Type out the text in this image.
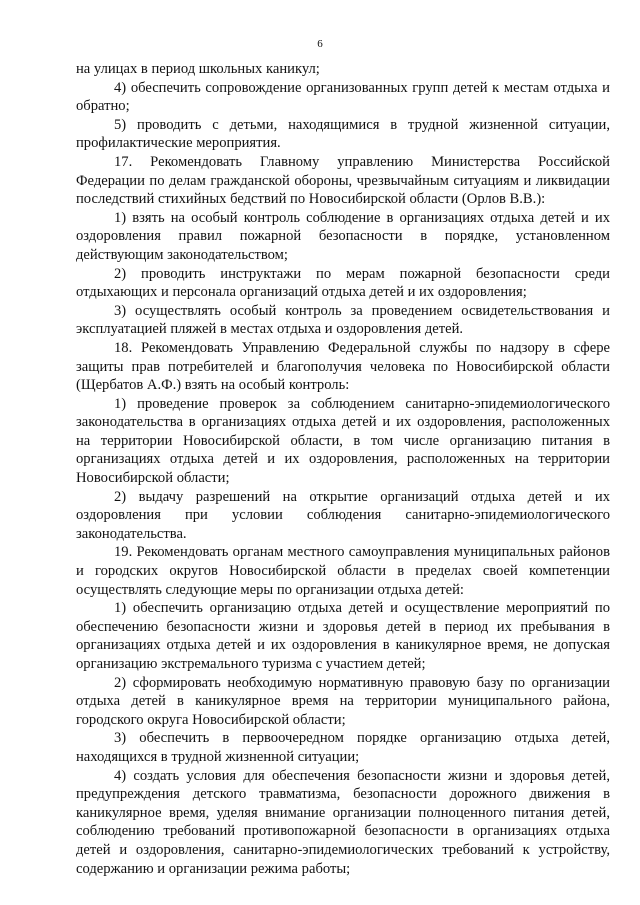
6

на улицах в период школьных каникул;

4) обеспечить сопровождение организованных групп детей к местам отдыха и обратно;

5) проводить с детьми, находящимися в трудной жизненной ситуации, профилактические мероприятия.

17. Рекомендовать Главному управлению Министерства Российской Федерации по делам гражданской обороны, чрезвычайным ситуациям и ликвидации последствий стихийных бедствий по Новосибирской области (Орлов В.В.):

1) взять на особый контроль соблюдение в организациях отдыха детей и их оздоровления правил пожарной безопасности в порядке, установленном действующим законодательством;

2) проводить инструктажи по мерам пожарной безопасности среди отдыхающих и персонала организаций отдыха детей и их оздоровления;

3) осуществлять особый контроль за проведением освидетельствования и эксплуатацией пляжей в местах отдыха и оздоровления детей.

18. Рекомендовать Управлению Федеральной службы по надзору в сфере защиты прав потребителей и благополучия человека по Новосибирской области (Щербатов А.Ф.) взять на особый контроль:

1) проведение проверок за соблюдением санитарно-эпидемиологического законодательства в организациях отдыха детей и их оздоровления, расположенных на территории Новосибирской области, в том числе организацию питания в организациях отдыха детей и их оздоровления, расположенных на территории Новосибирской области;

2) выдачу разрешений на открытие организаций отдыха детей и их оздоровления при условии соблюдения санитарно-эпидемиологического законодательства.

19. Рекомендовать органам местного самоуправления муниципальных районов и городских округов Новосибирской области в пределах своей компетенции осуществлять следующие меры по организации отдыха детей:

1) обеспечить организацию отдыха детей и осуществление мероприятий по обеспечению безопасности жизни и здоровья детей в период их пребывания в организациях отдыха детей и их оздоровления в каникулярное время, не допуская организацию экстремального туризма с участием детей;

2) сформировать необходимую нормативную правовую базу по организации отдыха детей в каникулярное время на территории муниципального района, городского округа Новосибирской области;

3) обеспечить в первоочередном порядке организацию отдыха детей, находящихся в трудной жизненной ситуации;

4) создать условия для обеспечения безопасности жизни и здоровья детей, предупреждения детского травматизма, безопасности дорожного движения в каникулярное время, уделяя внимание организации полноценного питания детей, соблюдению требований противопожарной безопасности в организациях отдыха детей и оздоровления, санитарно-эпидемиологических требований к устройству, содержанию и организации режима работы;
